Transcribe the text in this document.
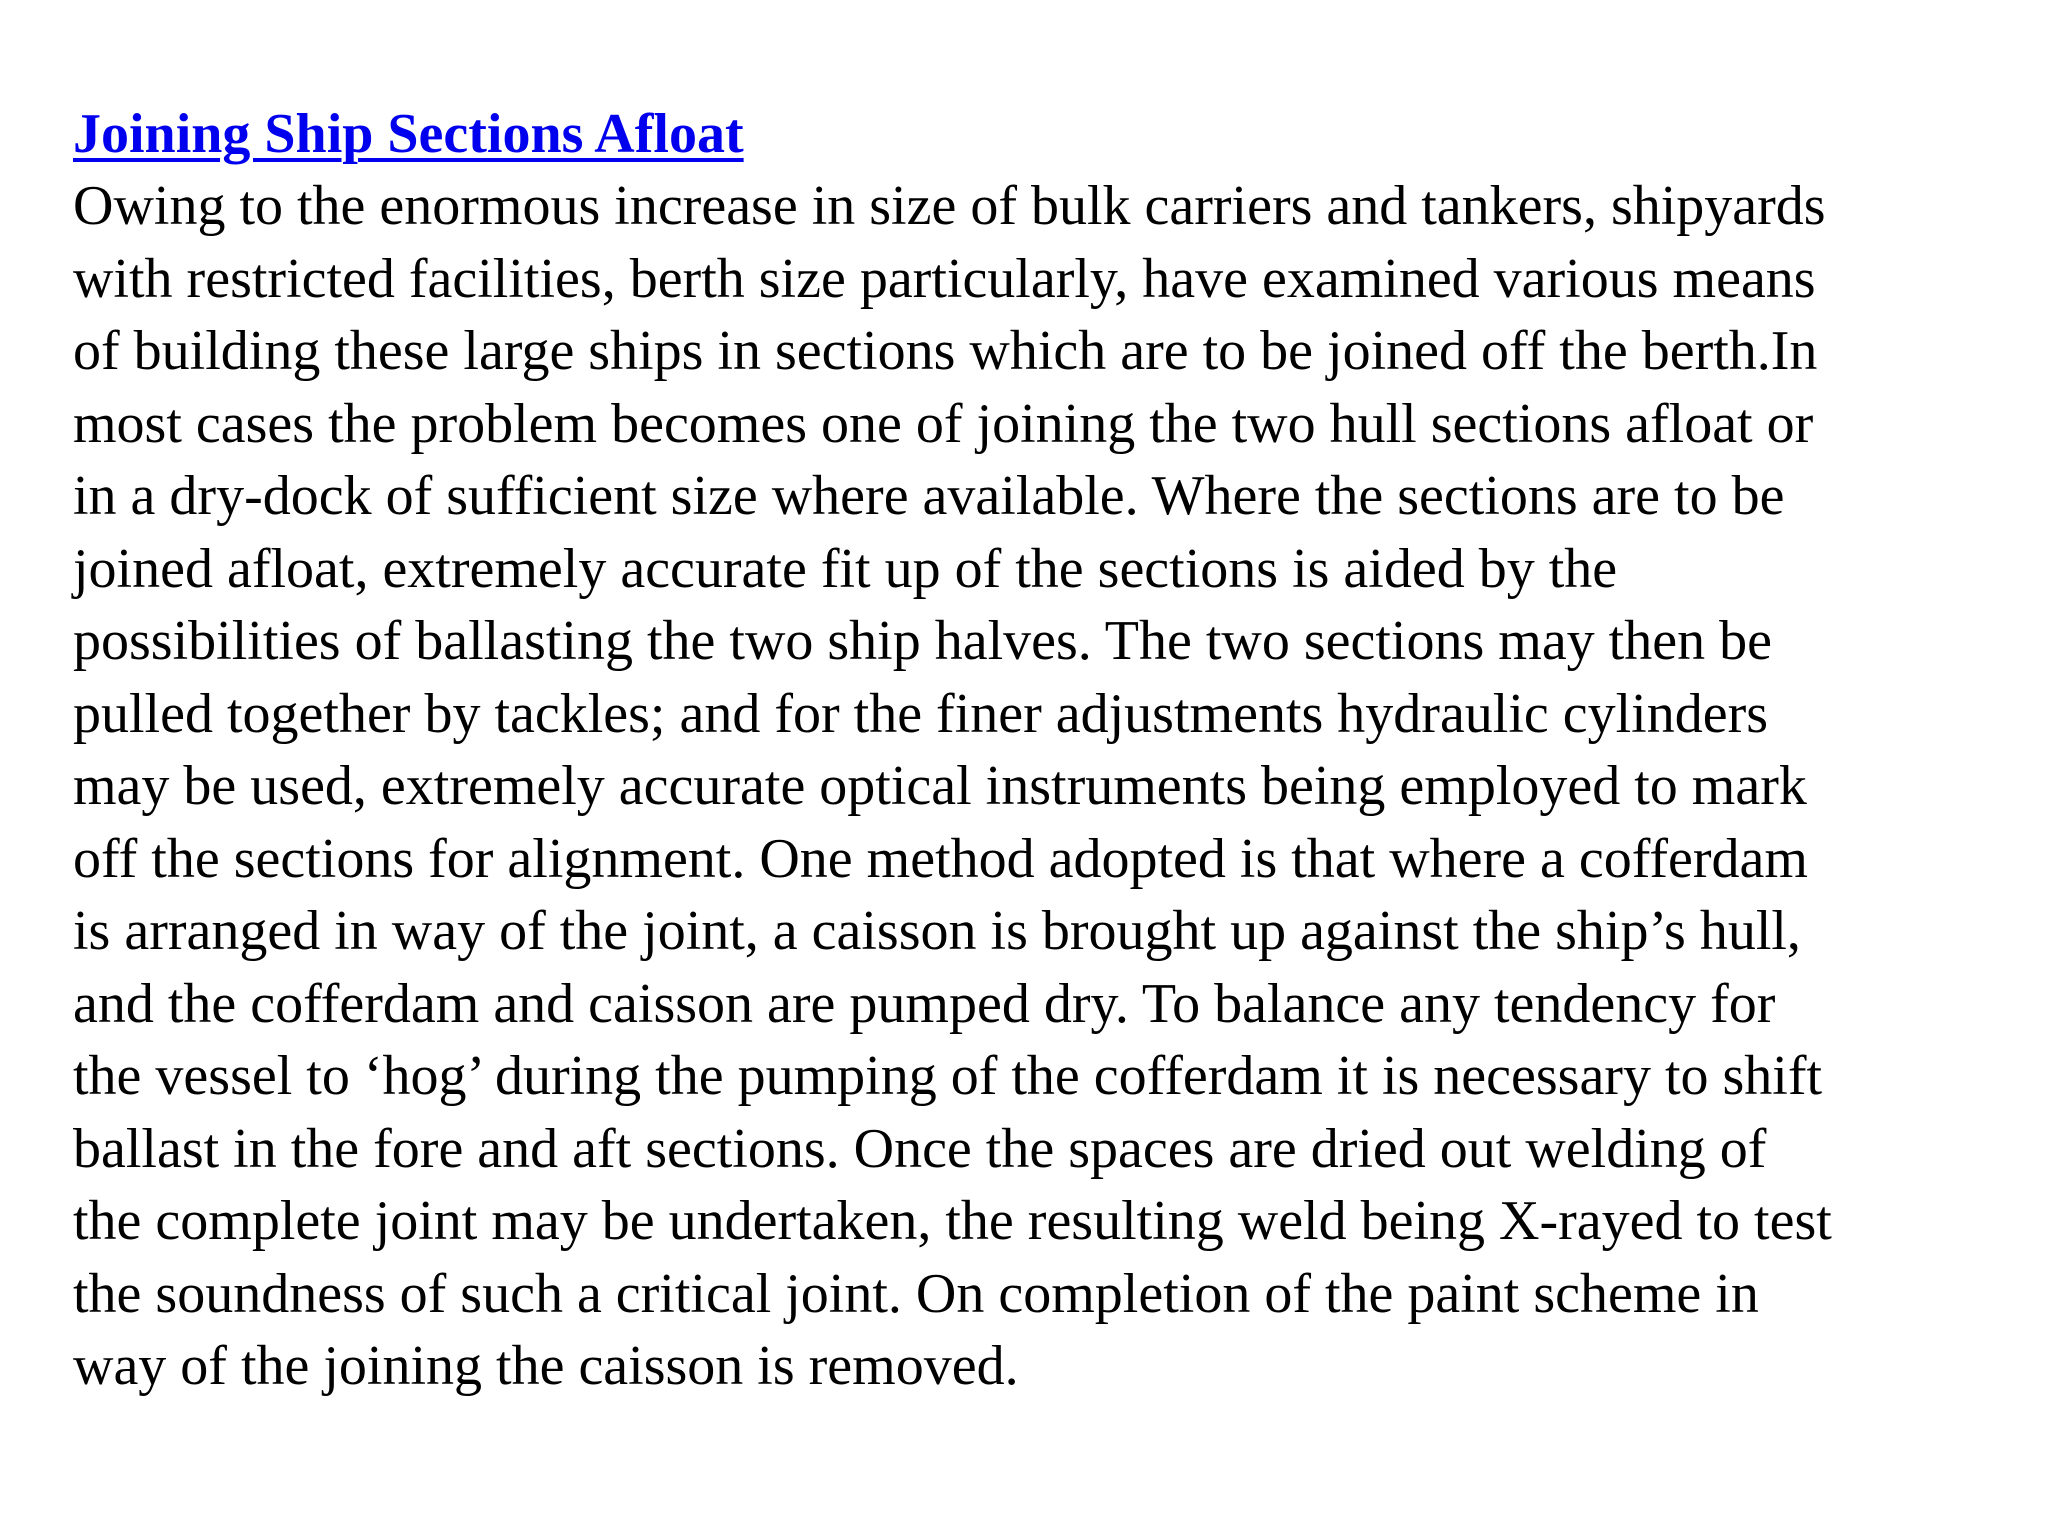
Joining Ship Sections Afloat

Owing to the enormous increase in size of bulk carriers and tankers, shipyards
with restricted facilities, berth size particularly, have examined various means
of building these large ships in sections which are to be joined off the berth.In
most cases the problem becomes one of joining the two hull sections afloat or
in a dry-dock of sufficient size where available. Where the sections are to be
joined afloat, extremely accurate fit up of the sections is aided by the
possibilities of ballasting the two ship halves. The two sections may then be
pulled together by tackles; and for the finer adjustments hydraulic cylinders
may be used, extremely accurate optical instruments being employed to mark
off the sections for alignment. One method adopted is that where a cofferdam
is arranged in way of the joint, a caisson is brought up against the ship’s hull,
and the cofferdam and caisson are pumped dry. To balance any tendency for
the vessel to ‘hog’ during the pumping of the cofferdam it is necessary to shift
ballast in the fore and aft sections. Once the spaces are dried out welding of
the complete joint may be undertaken, the resulting weld being X-rayed to test
the soundness of such a critical joint. On completion of the paint scheme in
way of the joining the caisson is removed.
